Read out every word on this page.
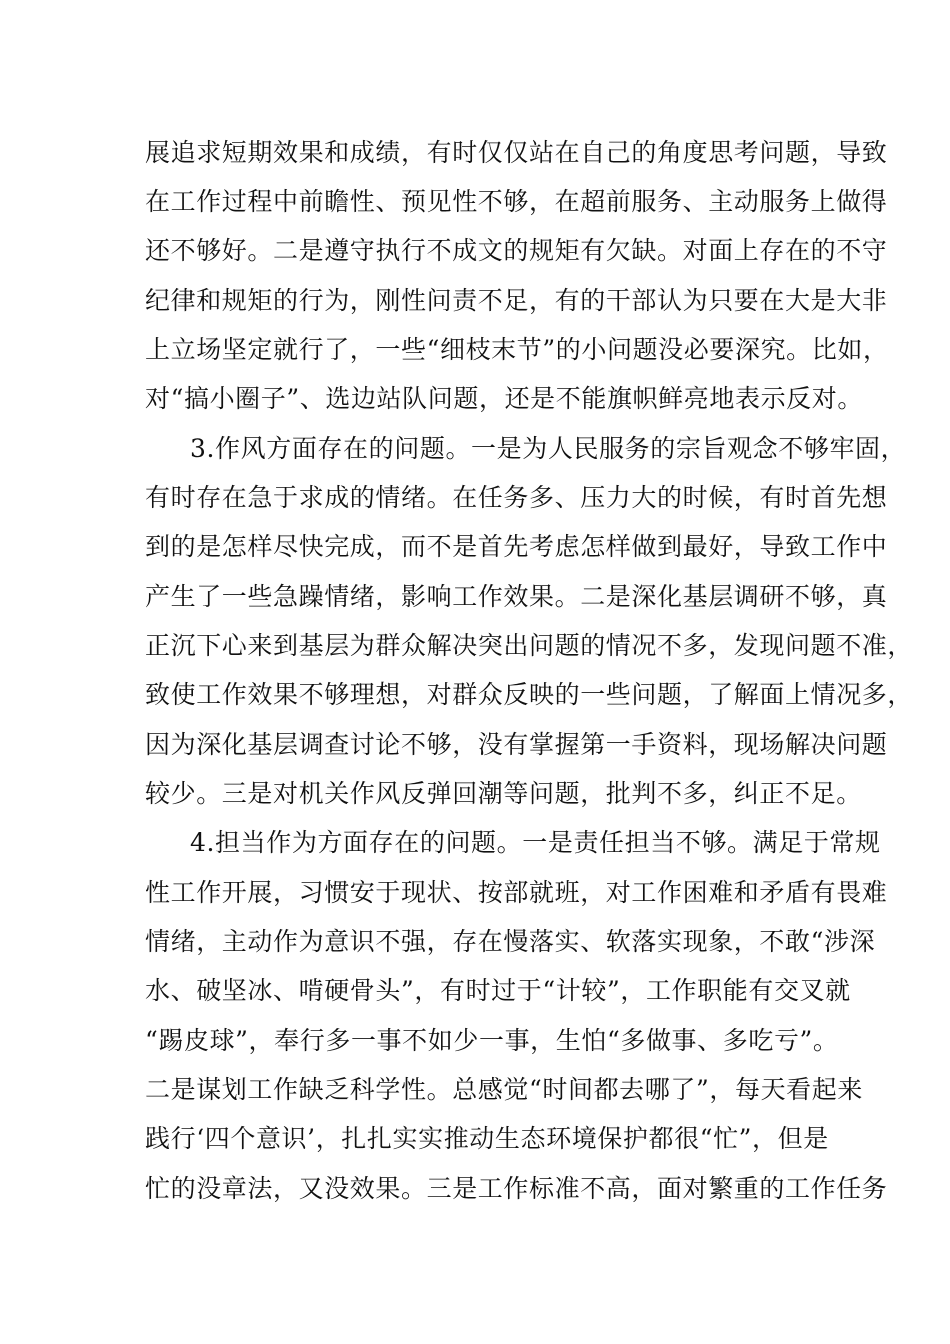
展追求短期效果和成绩，有时仅仅站在自己的角度思考问题，导致
在工作过程中前瞻性、预见性不够，在超前服务、主动服务上做得
还不够好。二是遵守执行不成文的规矩有欠缺。对面上存在的不守
纪律和规矩的行为，刚性问责不足，有的干部认为只要在大是大非
上立场坚定就行了，一些“细枝末节”的小问题没必要深究。比如，
对“搞小圈子”、选边站队问题，还是不能旗帜鲜亮地表示反对。
3.作风方面存在的问题。一是为人民服务的宗旨观念不够牢固，
有时存在急于求成的情绪。在任务多、压力大的时候，有时首先想
到的是怎样尽快完成，而不是首先考虑怎样做到最好，导致工作中
产生了一些急躁情绪，影响工作效果。二是深化基层调研不够，真
正沉下心来到基层为群众解决突出问题的情况不多，发现问题不准，
致使工作效果不够理想，对群众反映的一些问题，了解面上情况多，
因为深化基层调查讨论不够，没有掌握第一手资料，现场解决问题
较少。三是对机关作风反弹回潮等问题，批判不多，纠正不足。
4.担当作为方面存在的问题。一是责任担当不够。满足于常规
性工作开展，习惯安于现状、按部就班，对工作困难和矛盾有畏难
情绪，主动作为意识不强，存在慢落实、软落实现象，不敢“涉深
水、破坚冰、啃硬骨头”，有时过于“计较”，工作职能有交叉就
“踢皮球”，奉行多一事不如少一事，生怕“多做事、多吃亏”。
二是谋划工作缺乏科学性。总感觉“时间都去哪了”，每天看起来
践行‘四个意识’，扎扎实实推动生态环境保护都很“忙”，但是
忙的没章法，又没效果。三是工作标准不高，面对繁重的工作任务
